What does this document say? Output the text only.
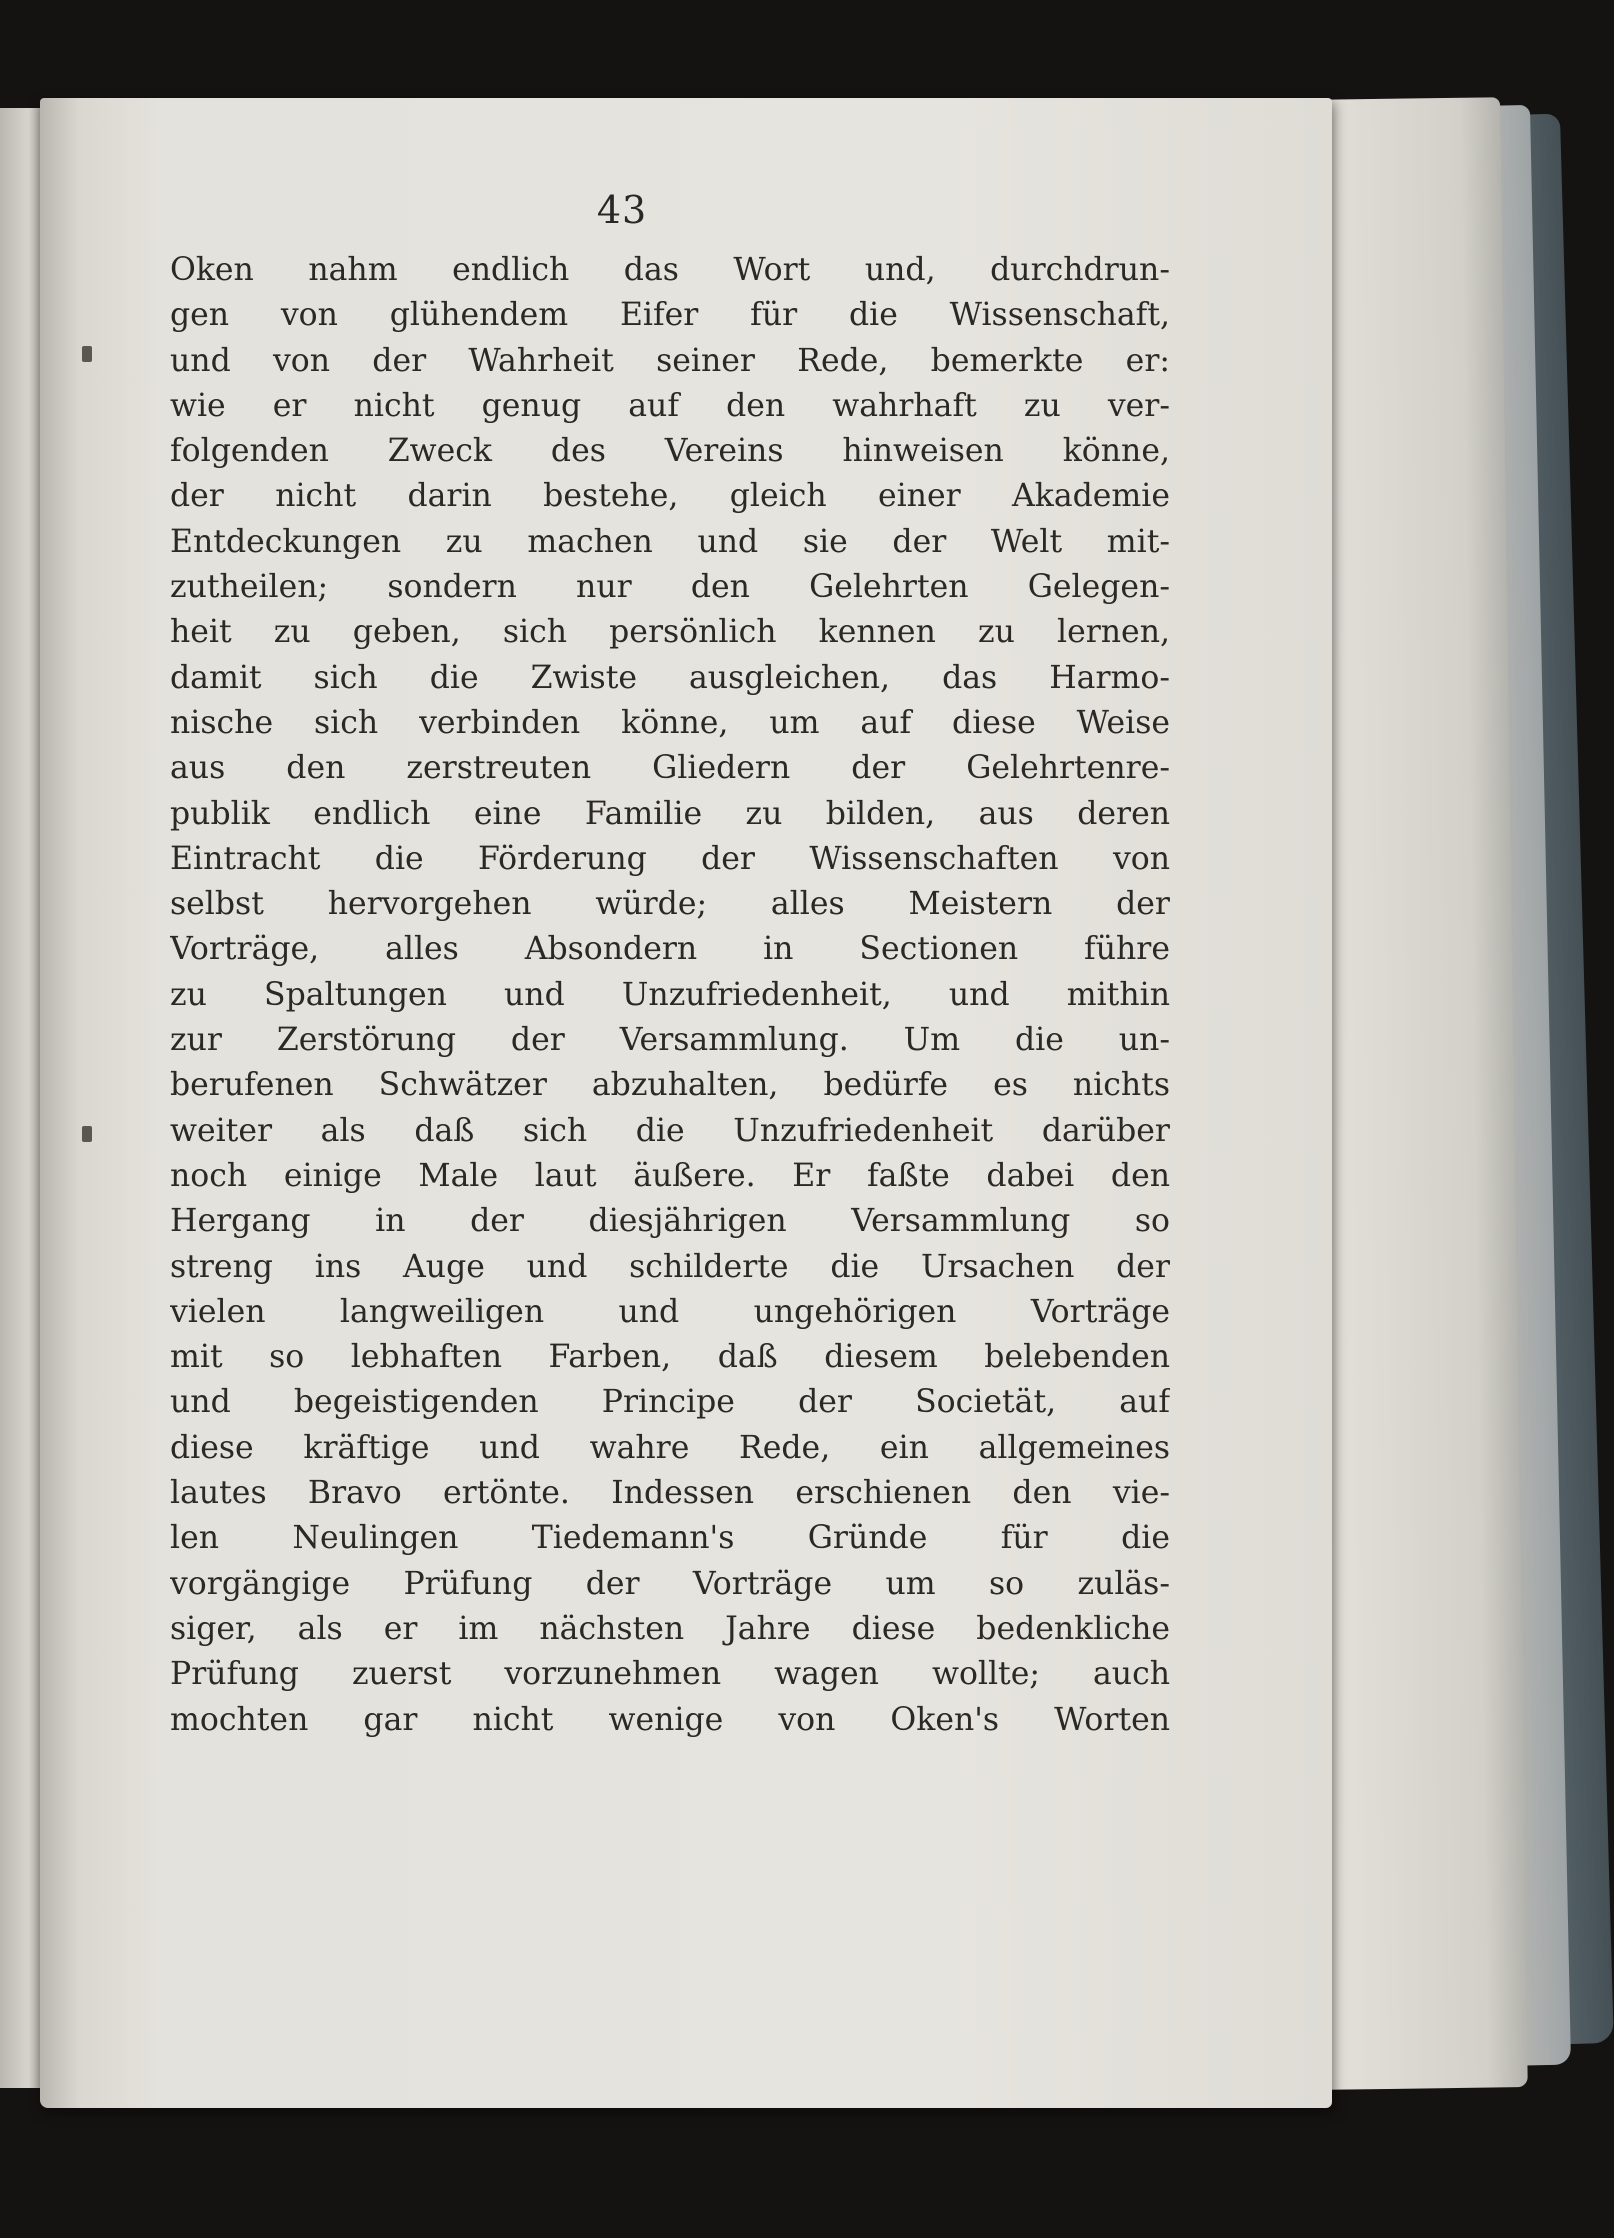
43
Oken nahm endlich das Wort und, durchdrun-
gen von glühendem Eifer für die Wissenschaft,
und von der Wahrheit seiner Rede, bemerkte er:
wie er nicht genug auf den wahrhaft zu ver-
folgenden Zweck des Vereins hinweisen könne,
der nicht darin bestehe, gleich einer Akademie
Entdeckungen zu machen und sie der Welt mit-
zutheilen; sondern nur den Gelehrten Gelegen-
heit zu geben, sich persönlich kennen zu lernen,
damit sich die Zwiste ausgleichen, das Harmo-
nische sich verbinden könne, um auf diese Weise
aus den zerstreuten Gliedern der Gelehrtenre-
publik endlich eine Familie zu bilden, aus deren
Eintracht die Förderung der Wissenschaften von
selbst hervorgehen würde; alles Meistern der
Vorträge, alles Absondern in Sectionen führe
zu Spaltungen und Unzufriedenheit, und mithin
zur Zerstörung der Versammlung. Um die un-
berufenen Schwätzer abzuhalten, bedürfe es nichts
weiter als daß sich die Unzufriedenheit darüber
noch einige Male laut äußere. Er faßte dabei den
Hergang in der diesjährigen Versammlung so
streng ins Auge und schilderte die Ursachen der
vielen langweiligen und ungehörigen Vorträge
mit so lebhaften Farben, daß diesem belebenden
und begeistigenden Principe der Societät, auf
diese kräftige und wahre Rede, ein allgemeines
lautes Bravo ertönte. Indessen erschienen den vie-
len Neulingen Tiedemann's Gründe für die
vorgängige Prüfung der Vorträge um so zuläs-
siger, als er im nächsten Jahre diese bedenkliche
Prüfung zuerst vorzunehmen wagen wollte; auch
mochten gar nicht wenige von Oken's Worten
